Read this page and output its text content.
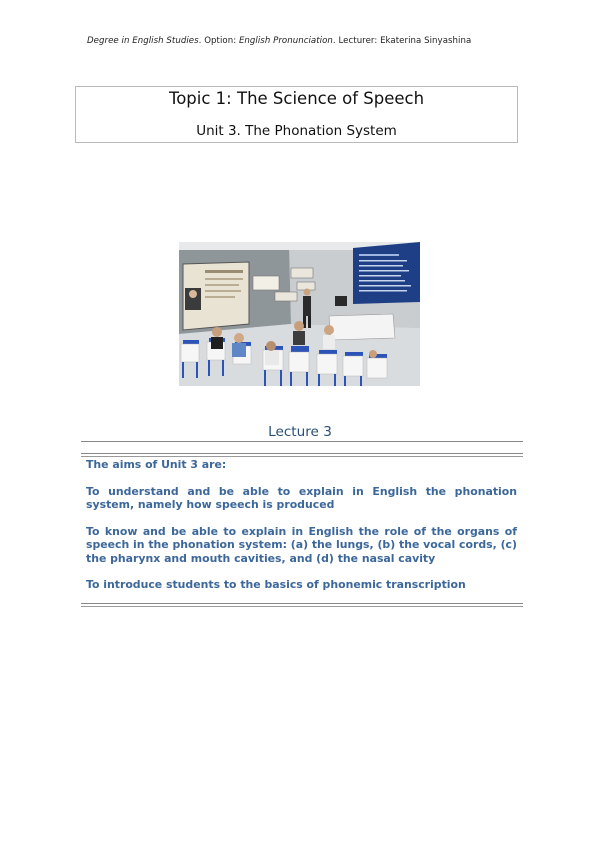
Degree in English Studies. Option: English Pronunciation. Lecturer: Ekaterina Sinyashina
Topic 1: The Science of Speech
Unit 3. The Phonation System
Lecture 3

The aims of Unit 3 are:

To understand and be able to explain in English the phonation system, namely how speech is produced

To know and be able to explain in English the role of the organs of speech in the phonation system: (a) the lungs, (b) the vocal cords, (c) the pharynx and mouth cavities, and (d) the nasal cavity

To introduce students to the basics of phonemic transcription
